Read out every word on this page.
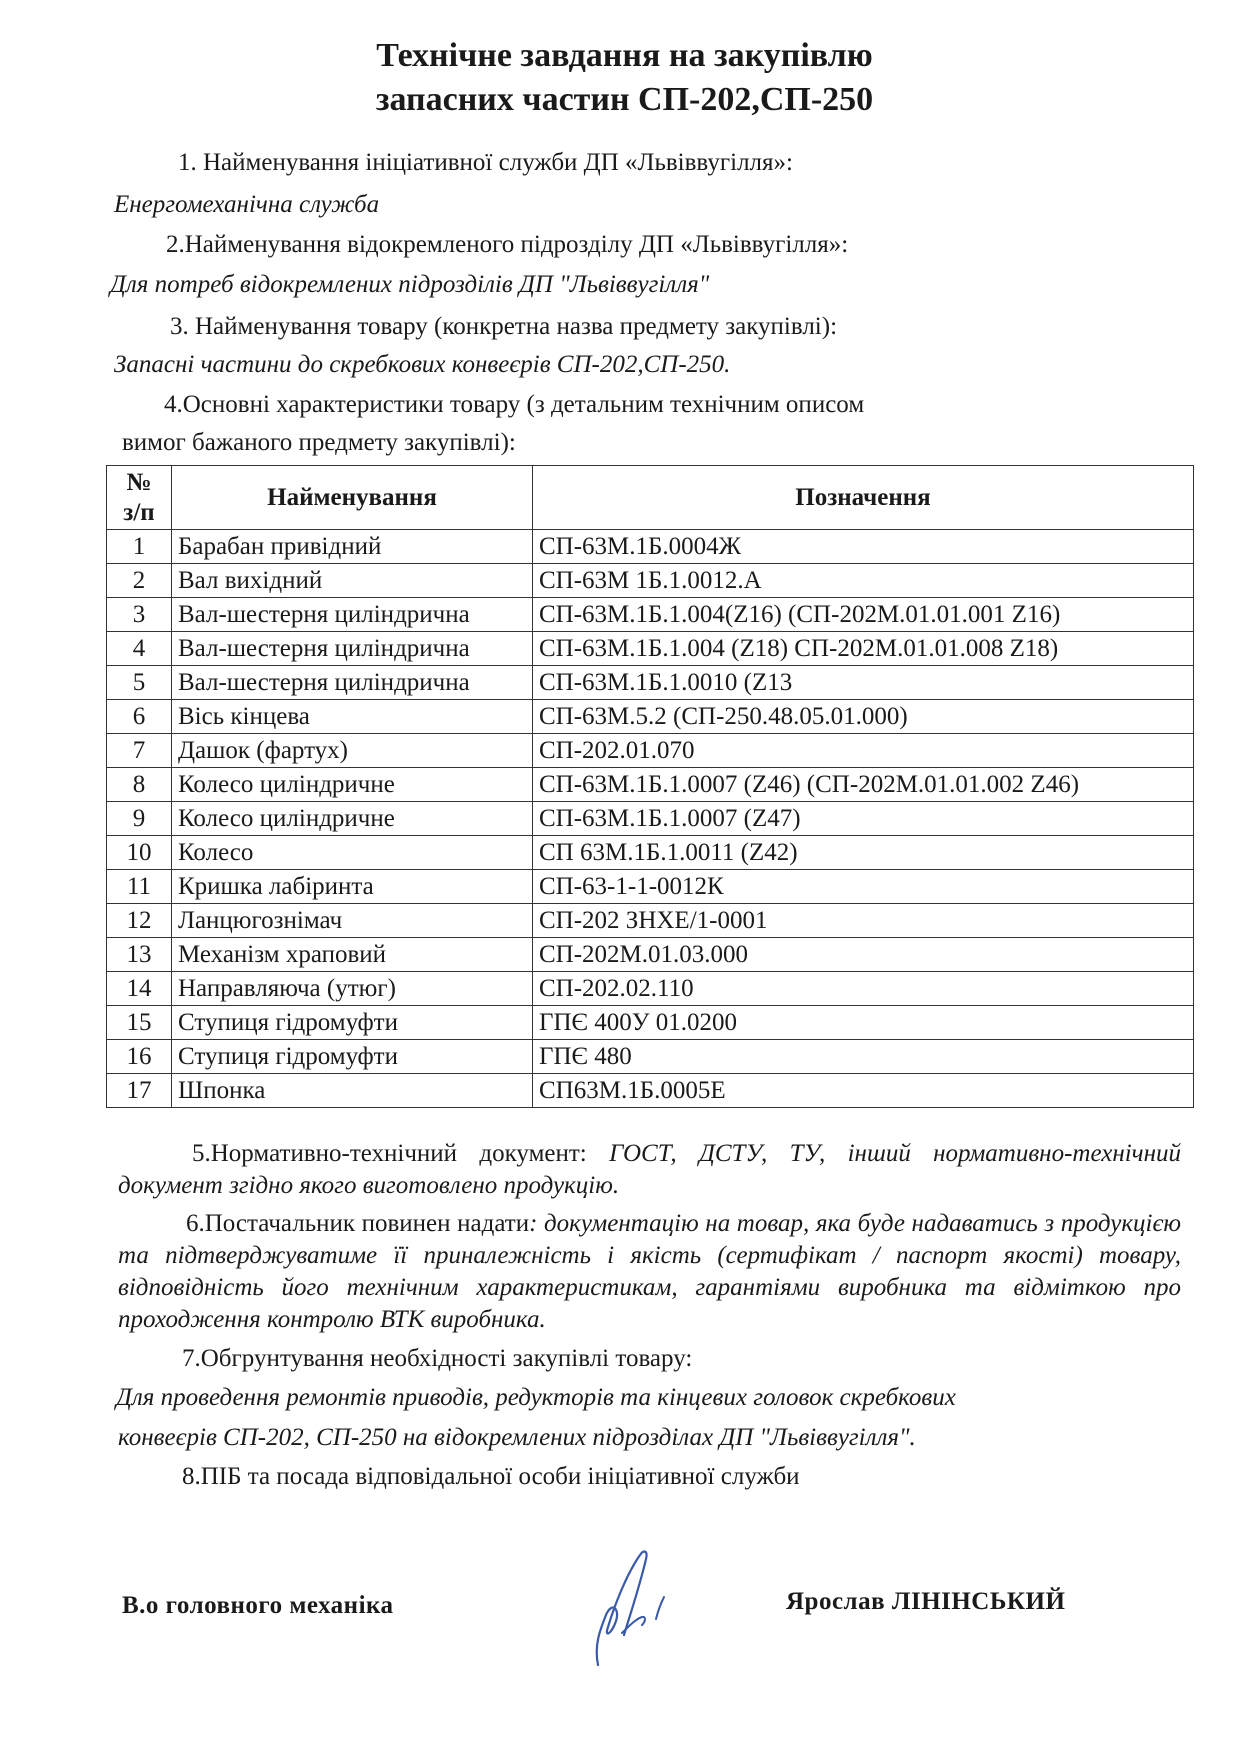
Технічне завдання на закупівлю
запасних частин СП-202,СП-250
1. Найменування ініціативної служби ДП «Львіввугілля»:
Енергомеханічна служба
2.Найменування відокремленого підрозділу ДП «Львіввугілля»:
Для потреб відокремлених підрозділів ДП "Львіввугілля"
3. Найменування товару (конкретна назва предмету закупівлі):
Запасні частини до скребкових конвеєрів СП-202,СП-250.
4.Основні характеристики товару (з детальним технічним описом
вимог бажаного предмету закупівлі):
№
з/п	Найменування	Позначення
1	Барабан привідний	СП-63М.1Б.0004Ж
2	Вал вихідний	СП-63М 1Б.1.0012.А
3	Вал-шестерня циліндрична	СП-63М.1Б.1.004(Z16) (СП-202М.01.01.001 Z16)
4	Вал-шестерня циліндрична	СП-63М.1Б.1.004 (Z18) СП-202М.01.01.008 Z18)
5	Вал-шестерня циліндрична	СП-63М.1Б.1.0010 (Z13
6	Вісь кінцева	СП-63М.5.2 (СП-250.48.05.01.000)
7	Дашок (фартух)	СП-202.01.070
8	Колесо циліндричне	СП-63М.1Б.1.0007 (Z46) (СП-202М.01.01.002 Z46)
9	Колесо циліндричне	СП-63М.1Б.1.0007 (Z47)
10	Колесо	СП 63М.1Б.1.0011 (Z42)
11	Кришка лабіринта	СП-63-1-1-0012К
12	Ланцюгознімач	СП-202 ЗНХЕ/1-0001
13	Механізм храповий	СП-202М.01.03.000
14	Направляюча (утюг)	СП-202.02.110
15	Ступиця гідромуфти	ГПЄ 400У 01.0200
16	Ступиця гідромуфти	ГПЄ 480
17	Шпонка	СП63М.1Б.0005Е
5.Нормативно-технічний документ: ГОСТ, ДСТУ, ТУ, інший нормативно-технічний документ згідно якого виготовлено продукцію.
6.Постачальник повинен надати: документацію на товар, яка буде надаватись з продукцією та підтверджуватиме її приналежність і якість (сертифікат / паспорт якості) товару, відповідність його технічним характеристикам, гарантіями виробника та відміткою про проходження контролю ВТК виробника.
7.Обгрунтування необхідності закупівлі товару:
Для проведення ремонтів приводів, редукторів та кінцевих головок скребкових
конвеєрів СП-202, СП-250 на відокремлених підрозділах ДП "Львіввугілля".
8.ПІБ та посада відповідальної особи ініціативної служби
В.о головного механіка	Ярослав ЛІНІНСЬКИЙ
